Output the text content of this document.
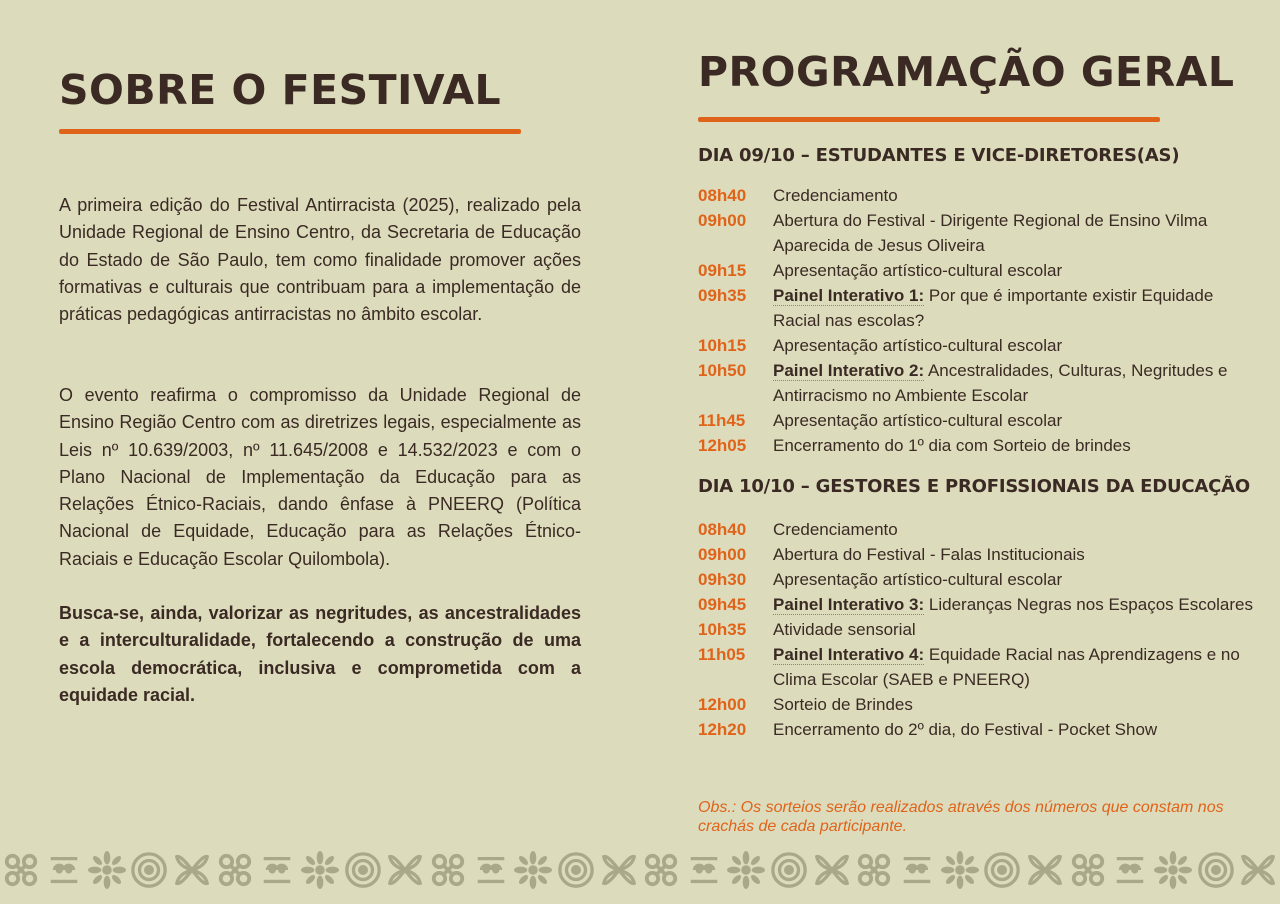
SOBRE O FESTIVAL

A primeira edição do Festival Antirracista (2025), realizado pela Unidade Regional de Ensino Centro, da Secretaria de Educação do Estado de São Paulo, tem como finalidade promover ações formativas e culturais que contribuam para a implementação de práticas pedagógicas antirracistas no âmbito escolar.

O evento reafirma o compromisso da Unidade Regional de Ensino Região Centro com as diretrizes legais, especialmente as Leis nº 10.639/2003, nº 11.645/2008 e 14.532/2023 e com o Plano Nacional de Implementação da Educação para as Relações Étnico-Raciais, dando ênfase à PNEERQ (Política Nacional de Equidade, Educação para as Relações Étnico-Raciais e Educação Escolar Quilombola).

Busca-se, ainda, valorizar as negritudes, as ancestralidades e a interculturalidade, fortalecendo a construção de uma escola democrática, inclusiva e comprometida com a equidade racial.

PROGRAMAÇÃO GERAL

DIA 09/10 – ESTUDANTES E VICE-DIRETORES(AS)

08h40	Credenciamento
09h00	Abertura do Festival - Dirigente Regional de Ensino Vilma Aparecida de Jesus Oliveira
09h15	Apresentação artístico-cultural escolar
09h35	Painel Interativo 1: Por que é importante existir Equidade Racial nas escolas?
10h15	Apresentação artístico-cultural escolar
10h50	Painel Interativo 2: Ancestralidades, Culturas, Negritudes e Antirracismo no Ambiente Escolar
11h45	Apresentação artístico-cultural escolar
12h05	Encerramento do 1º dia com Sorteio de brindes

DIA 10/10 – GESTORES E PROFISSIONAIS DA EDUCAÇÃO

08h40	Credenciamento
09h00	Abertura do Festival - Falas Institucionais
09h30	Apresentação artístico-cultural escolar
09h45	Painel Interativo 3: Lideranças Negras nos Espaços Escolares
10h35	Atividade sensorial
11h05	Painel Interativo 4: Equidade Racial nas Aprendizagens e no Clima Escolar (SAEB e PNEERQ)
12h00	Sorteio de Brindes
12h20	Encerramento do 2º dia, do Festival - Pocket Show

Obs.: Os sorteios serão realizados através dos números que constam nos crachás de cada participante.
